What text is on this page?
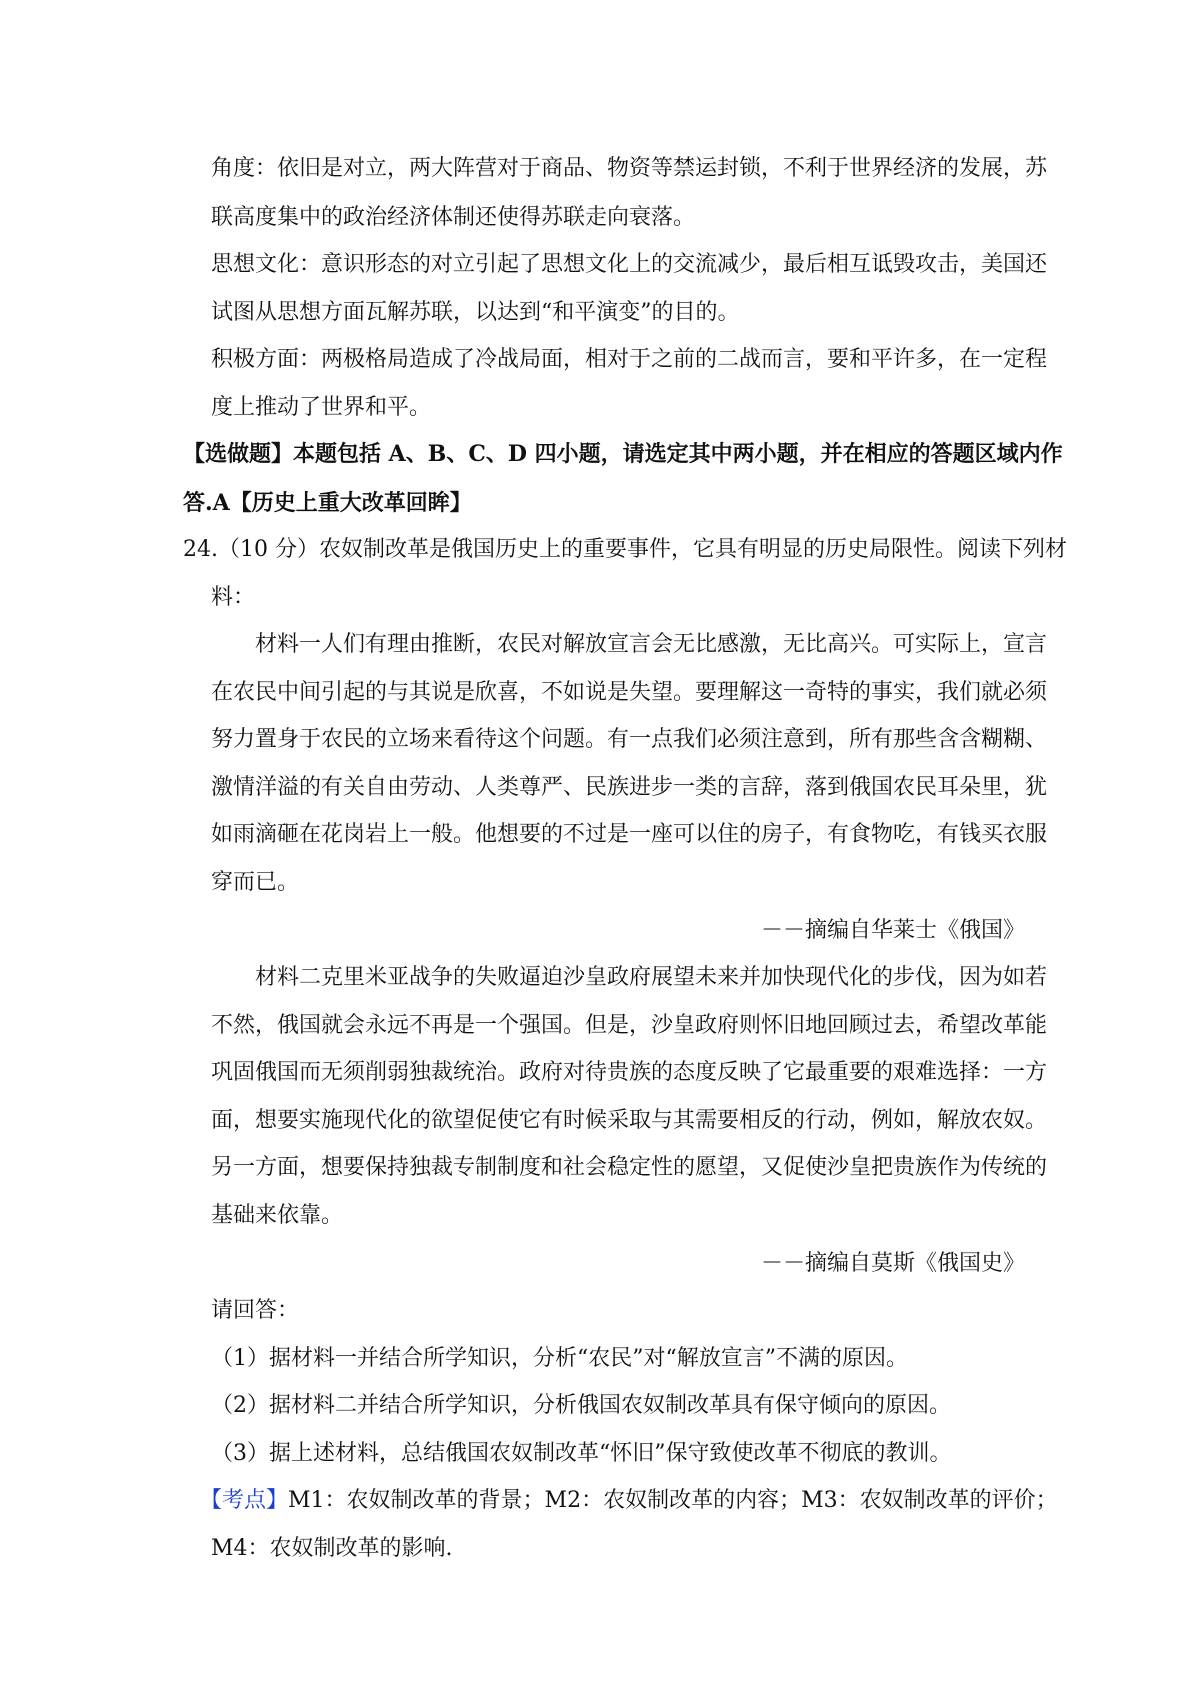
角度：依旧是对立，两大阵营对于商品、物资等禁运封锁，不利于世界经济的发展，苏
联高度集中的政治经济体制还使得苏联走向衰落。
思想文化：意识形态的对立引起了思想文化上的交流减少，最后相互诋毁攻击，美国还
试图从思想方面瓦解苏联，以达到“和平演变”的目的。
积极方面：两极格局造成了冷战局面，相对于之前的二战而言，要和平许多，在一定程
度上推动了世界和平。
【选做题】本题包括 A、B、C、D 四小题，请选定其中两小题，并在相应的答题区域内作
答.A【历史上重大改革回眸】
24.（10 分）农奴制改革是俄国历史上的重要事件，它具有明显的历史局限性。阅读下列材
料：
材料一人们有理由推断，农民对解放宣言会无比感激，无比高兴。可实际上，宣言
在农民中间引起的与其说是欣喜，不如说是失望。要理解这一奇特的事实，我们就必须
努力置身于农民的立场来看待这个问题。有一点我们必须注意到，所有那些含含糊糊、
激情洋溢的有关自由劳动、人类尊严、民族进步一类的言辞，落到俄国农民耳朵里，犹
如雨滴砸在花岗岩上一般。他想要的不过是一座可以住的房子，有食物吃，有钱买衣服
穿而已。
－－摘编自华莱士《俄国》
材料二克里米亚战争的失败逼迫沙皇政府展望未来并加快现代化的步伐，因为如若
不然，俄国就会永远不再是一个强国。但是，沙皇政府则怀旧地回顾过去，希望改革能
巩固俄国而无须削弱独裁统治。政府对待贵族的态度反映了它最重要的艰难选择：一方
面，想要实施现代化的欲望促使它有时候采取与其需要相反的行动，例如，解放农奴。
另一方面，想要保持独裁专制制度和社会稳定性的愿望，又促使沙皇把贵族作为传统的
基础来依靠。
－－摘编自莫斯《俄国史》
请回答：
（1）据材料一并结合所学知识，分析“农民”对“解放宣言”不满的原因。
（2）据材料二并结合所学知识，分析俄国农奴制改革具有保守倾向的原因。
（3）据上述材料，总结俄国农奴制改革“怀旧”保守致使改革不彻底的教训。
【考点】M1：农奴制改革的背景；M2：农奴制改革的内容；M3：农奴制改革的评价；
M4：农奴制改革的影响.
